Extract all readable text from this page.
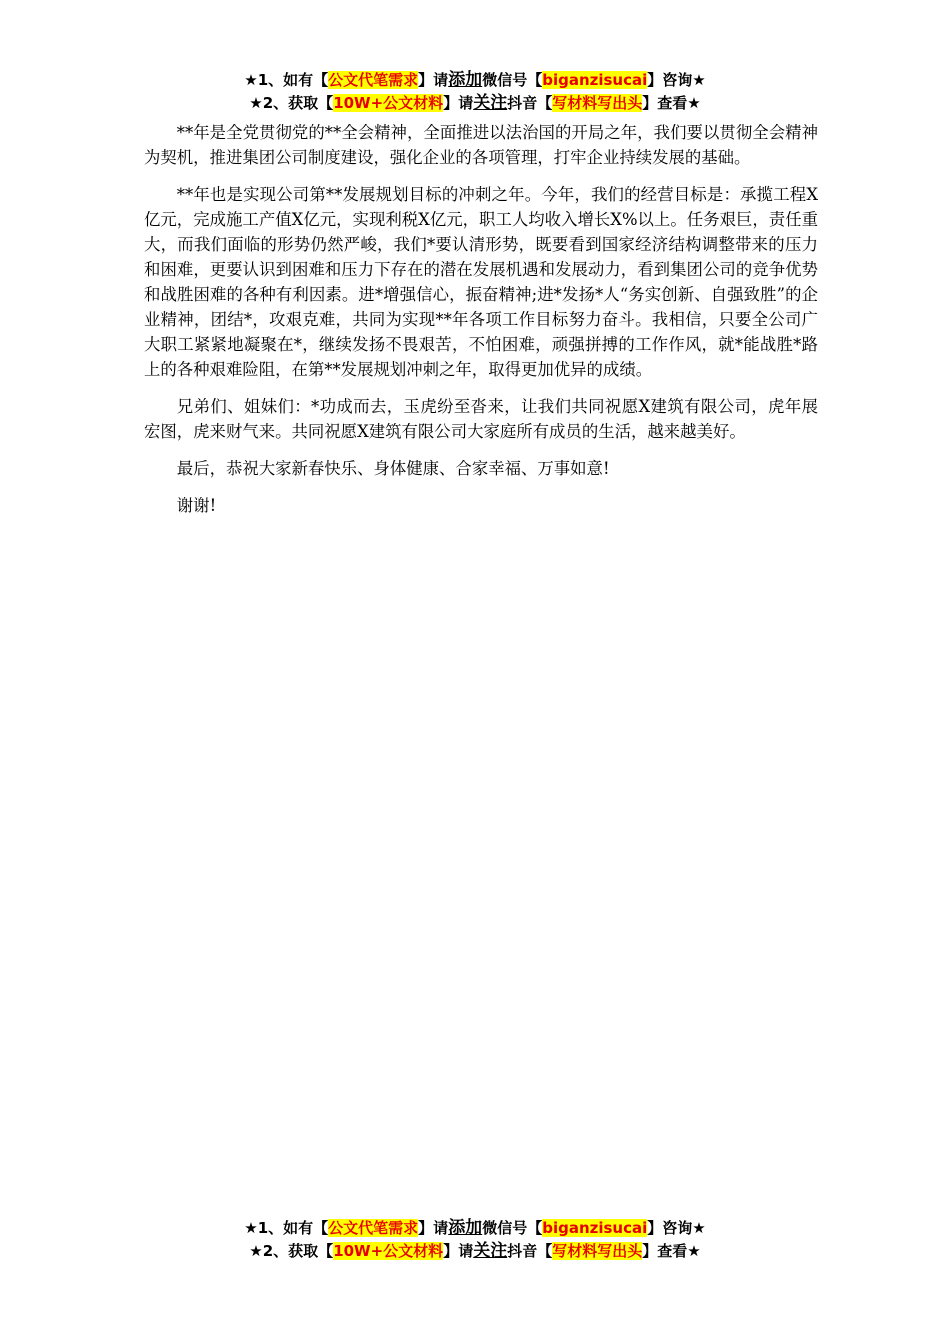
★1、如有【公文代笔需求】请添加微信号【biganzisucai】咨询★
★2、获取【10W+公文材料】请关注抖音【写材料写出头】查看★

**年是全党贯彻党的**全会精神，全面推进以法治国的开局之年，我们要以贯彻全会精神为契机，推进集团公司制度建设，强化企业的各项管理，打牢企业持续发展的基础。

**年也是实现公司第**发展规划目标的冲刺之年。今年，我们的经营目标是：承揽工程X亿元，完成施工产值X亿元，实现利税X亿元，职工人均收入增长X%以上。任务艰巨，责任重大，而我们面临的形势仍然严峻，我们*要认清形势，既要看到国家经济结构调整带来的压力和困难，更要认识到困难和压力下存在的潜在发展机遇和发展动力，看到集团公司的竞争优势和战胜困难的各种有利因素。进*增强信心，振奋精神;进*发扬*人“务实创新、自强致胜”的企业精神，团结*，攻艰克难，共同为实现**年各项工作目标努力奋斗。我相信，只要全公司广大职工紧紧地凝聚在*，继续发扬不畏艰苦，不怕困难，顽强拼搏的工作作风，就*能战胜*路上的各种艰难险阻，在第**发展规划冲刺之年，取得更加优异的成绩。

兄弟们、姐妹们：*功成而去，玉虎纷至沓来，让我们共同祝愿X建筑有限公司，虎年展宏图，虎来财气来。共同祝愿X建筑有限公司大家庭所有成员的生活，越来越美好。

最后，恭祝大家新春快乐、身体健康、合家幸福、万事如意!

谢谢!

★1、如有【公文代笔需求】请添加微信号【biganzisucai】咨询★
★2、获取【10W+公文材料】请关注抖音【写材料写出头】查看★
